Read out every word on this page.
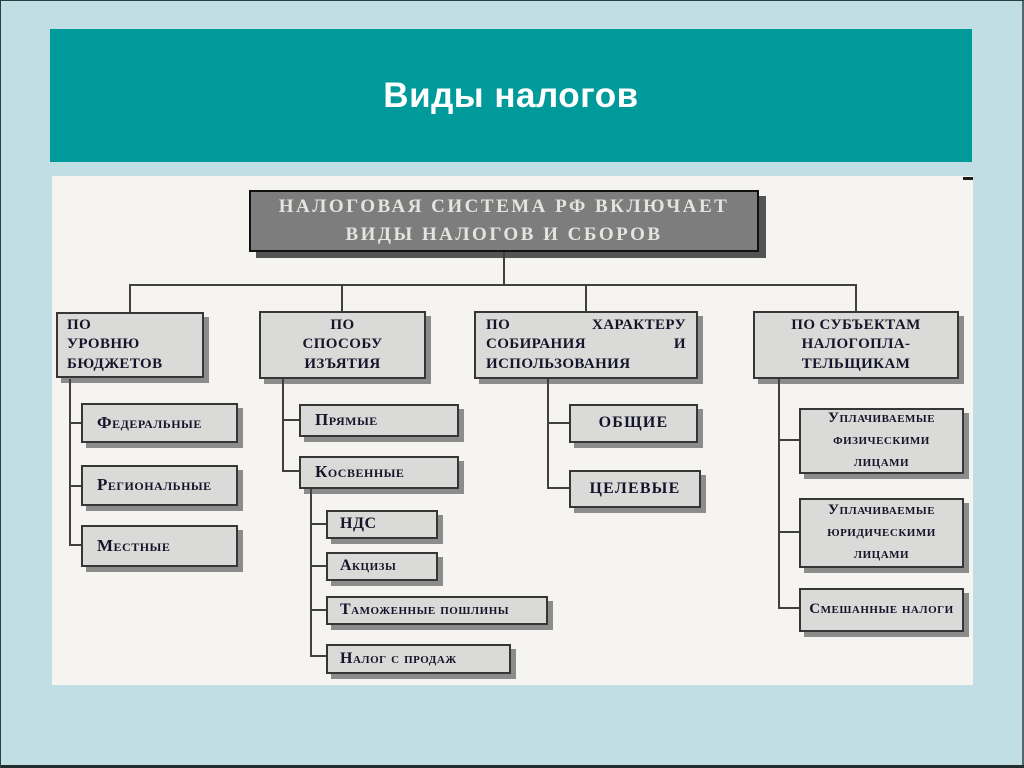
Виды налогов
НАЛОГОВАЯ СИСТЕМА РФ ВКЛЮЧАЕТ
ВИДЫ НАЛОГОВ И СБОРОВ
ПО
УРОВНЮ
БЮДЖЕТОВ
Федеральные
Региональные
Местные
ПО
СПОСОБУ
ИЗЪЯТИЯ
Прямые
Косвенные
НДС
Акцизы
Таможенные пошлины
Налог с продаж
ПО	ХАРАКТЕРУ
СОБИРАНИЯ	И
ИСПОЛЬЗОВАНИЯ
ОБЩИЕ
ЦЕЛЕВЫЕ
ПО СУБЪЕКТАМ
НАЛОГОПЛА-
ТЕЛЬЩИКАМ
Уплачиваемые физическими лицами
Уплачиваемые юридическими лицами
Смешанные налоги
